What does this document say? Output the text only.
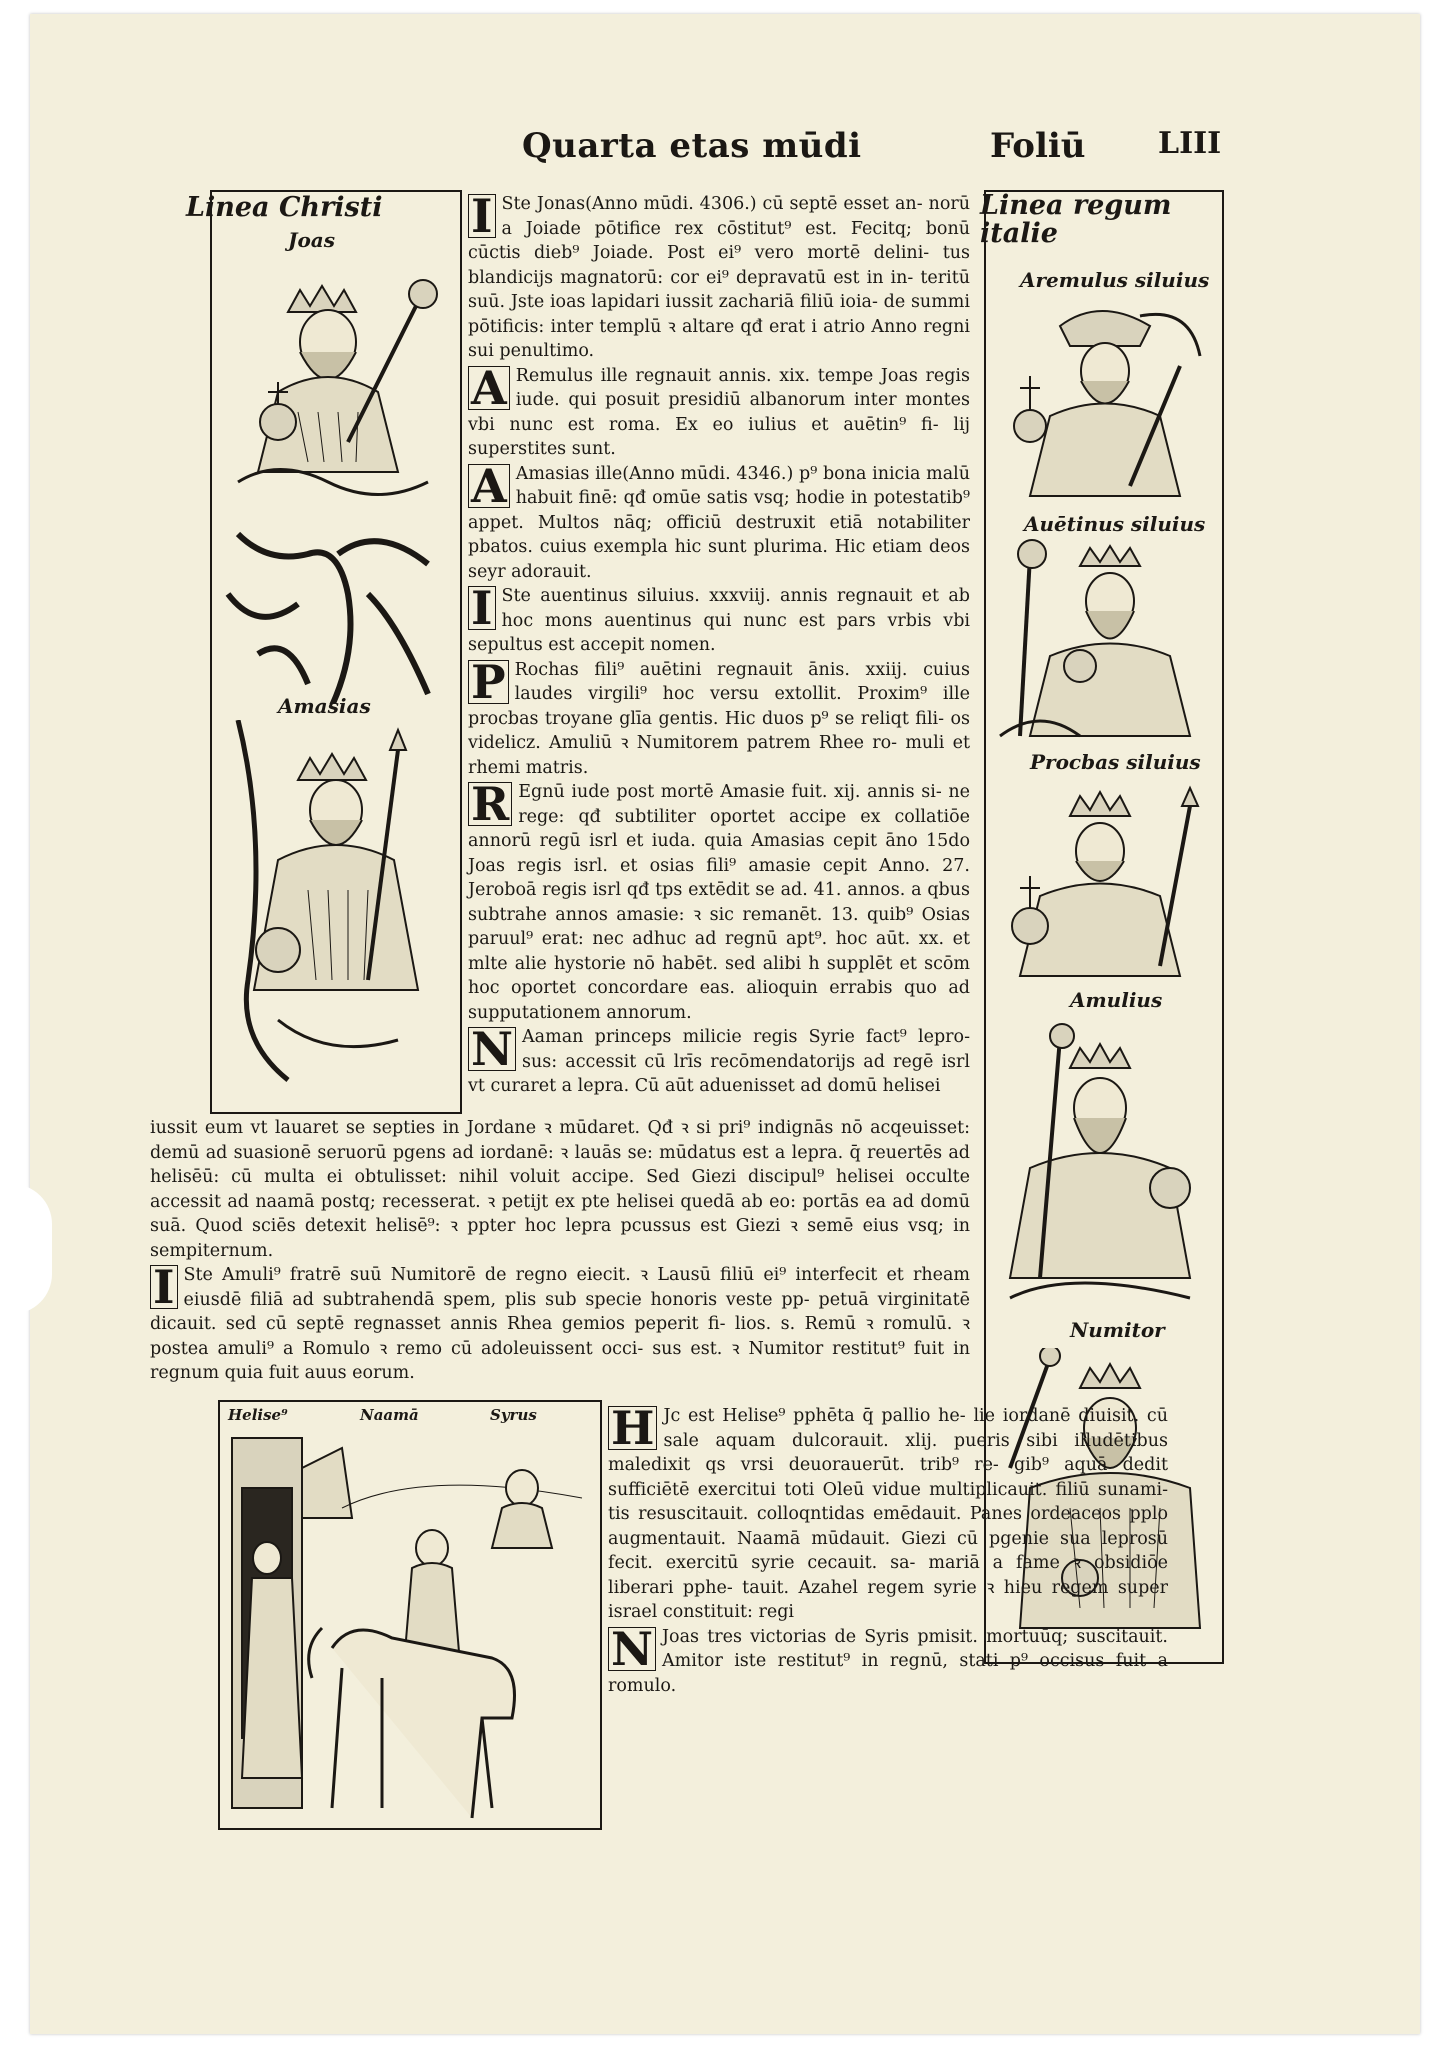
Quarta etas mūdi	Foliū LIII
Linea Christi
Joas
Amasias

I Ste Jonas(Anno mūdi. 4306.) cū septē esset an- norū a Joiade pōtifice rex cōstitut⁹ est. Fecitq; bonū cūctis dieb⁹ Joiade. Post ei⁹ vero mortē delini- tus blandicijs magnatorū: cor ei⁹ depravatū est in in- teritū suū. Jste ioas lapidari iussit zachariā filiū ioia- de summi pōtificis: inter templū ꝛ altare qđ erat i atrio Anno regni sui penultimo.

A Remulus ille regnauit annis. xix. tempe Joas regis iude. qui posuit presidiū albanorum inter montes vbi nunc est roma. Ex eo iulius et auētin⁹ fi- lij superstites sunt.

A Amasias ille(Anno mūdi. 4346.) p⁹ bona inicia malū habuit finē: qđ omūe satis vsq; hodie in potestatib⁹ appet. Multos nāq; officiū destruxit etiā notabiliter pbatos. cuius exempla hic sunt plurima. Hic etiam deos seyr adorauit.

I Ste auentinus siluius. xxxviij. annis regnauit et ab hoc mons auentinus qui nunc est pars vrbis vbi sepultus est accepit nomen.

P Rochas fili⁹ auētini regnauit ānis. xxiij. cuius laudes virgili⁹ hoc versu extollit. Proxim⁹ ille procbas troyane glīa gentis. Hic duos p⁹ se reliqt fili- os videlicz. Amuliū ꝛ Numitorem patrem Rhee ro- muli et rhemi matris.

R Egnū iude post mortē Amasie fuit. xij. annis si- ne rege: qđ subtiliter oportet accipe ex collatiōe annorū regū isrl et iuda. quia Amasias cepit āno 15do Joas regis isrl. et osias fili⁹ amasie cepit Anno. 27. Jeroboā regis isrl qđ tps extēdit se ad. 41. annos. a qbus subtrahe annos amasie: ꝛ sic remanēt. 13. quib⁹ Osias paruul⁹ erat: nec adhuc ad regnū apt⁹. hoc aūt. xx. et mlte alie hystorie nō habēt. sed alibi h supplēt et scōm hoc oportet concordare eas. alioquin errabis quo ad supputationem annorum.

N Aaman princeps milicie regis Syrie fact⁹ lepro- sus: accessit cū lrīs recōmendatorijs ad regē isrl vt curaret a lepra. Cū aūt aduenisset ad domū helisei

iussit eum vt lauaret se septies in Jordane ꝛ mūdaret. Qđ ꝛ si pri⁹ indignās nō acqeuisset: demū ad suasionē seruorū pgens ad iordanē: ꝛ lauās se: mūdatus est a lepra. q̄ reuertēs ad helisēū: cū multa ei obtulisset: nihil voluit accipe. Sed Giezi discipul⁹ helisei occulte accessit ad naamā postq; recesserat. ꝛ petijt ex pte helisei quedā ab eo: portās ea ad domū suā. Quod sciēs detexit helisē⁹: ꝛ ppter hoc lepra pcussus est Giezi ꝛ semē eius vsq; in sempiternum.

I Ste Amuli⁹ fratrē suū Numitorē de regno eiecit. ꝛ Lausū filiū ei⁹ interfecit et rheam eiusdē filiā ad subtrahendā spem, plis sub specie honoris veste pp- petuā virginitatē dicauit. sed cū septē regnasset annis Rhea gemios peperit fi- lios. s. Remū ꝛ romulū. ꝛ postea amuli⁹ a Romulo ꝛ remo cū adoleuissent occi- sus est. ꝛ Numitor restitut⁹ fuit in regnum quia fuit auus eorum.

Linea regum italie
Aremulus siluius
Auētinus siluius
Procbas siluius
Amulius
Numitor
Helise⁹	Naamā	Syrus H Jc est Helise⁹ pphēta q̄ pallio he- lie iordanē diuisit. cū sale aquam dulcorauit. xlij. pueris sibi illudētibus maledixit qs vrsi deuorauerūt. trib⁹ re- gib⁹ aquā dedit sufficiētē exercitui toti Oleū vidue multiplicauit. filiū sunami- tis resuscitauit. colloqntidas emēdauit. Panes ordeaceos pplo augmentauit. Naamā mūdauit. Giezi cū pgenie sua leprosū fecit. exercitū syrie cecauit. sa- mariā a fame ꝛ obsidiōe liberari pphe- tauit. Azahel regem syrie ꝛ hieu regem super israel constituit: regi

N Joas tres victorias de Syris pmisit. mortuūq; suscitauit. Amitor iste restitut⁹ in regnū, stati p⁹ occisus fuit a romulo.
